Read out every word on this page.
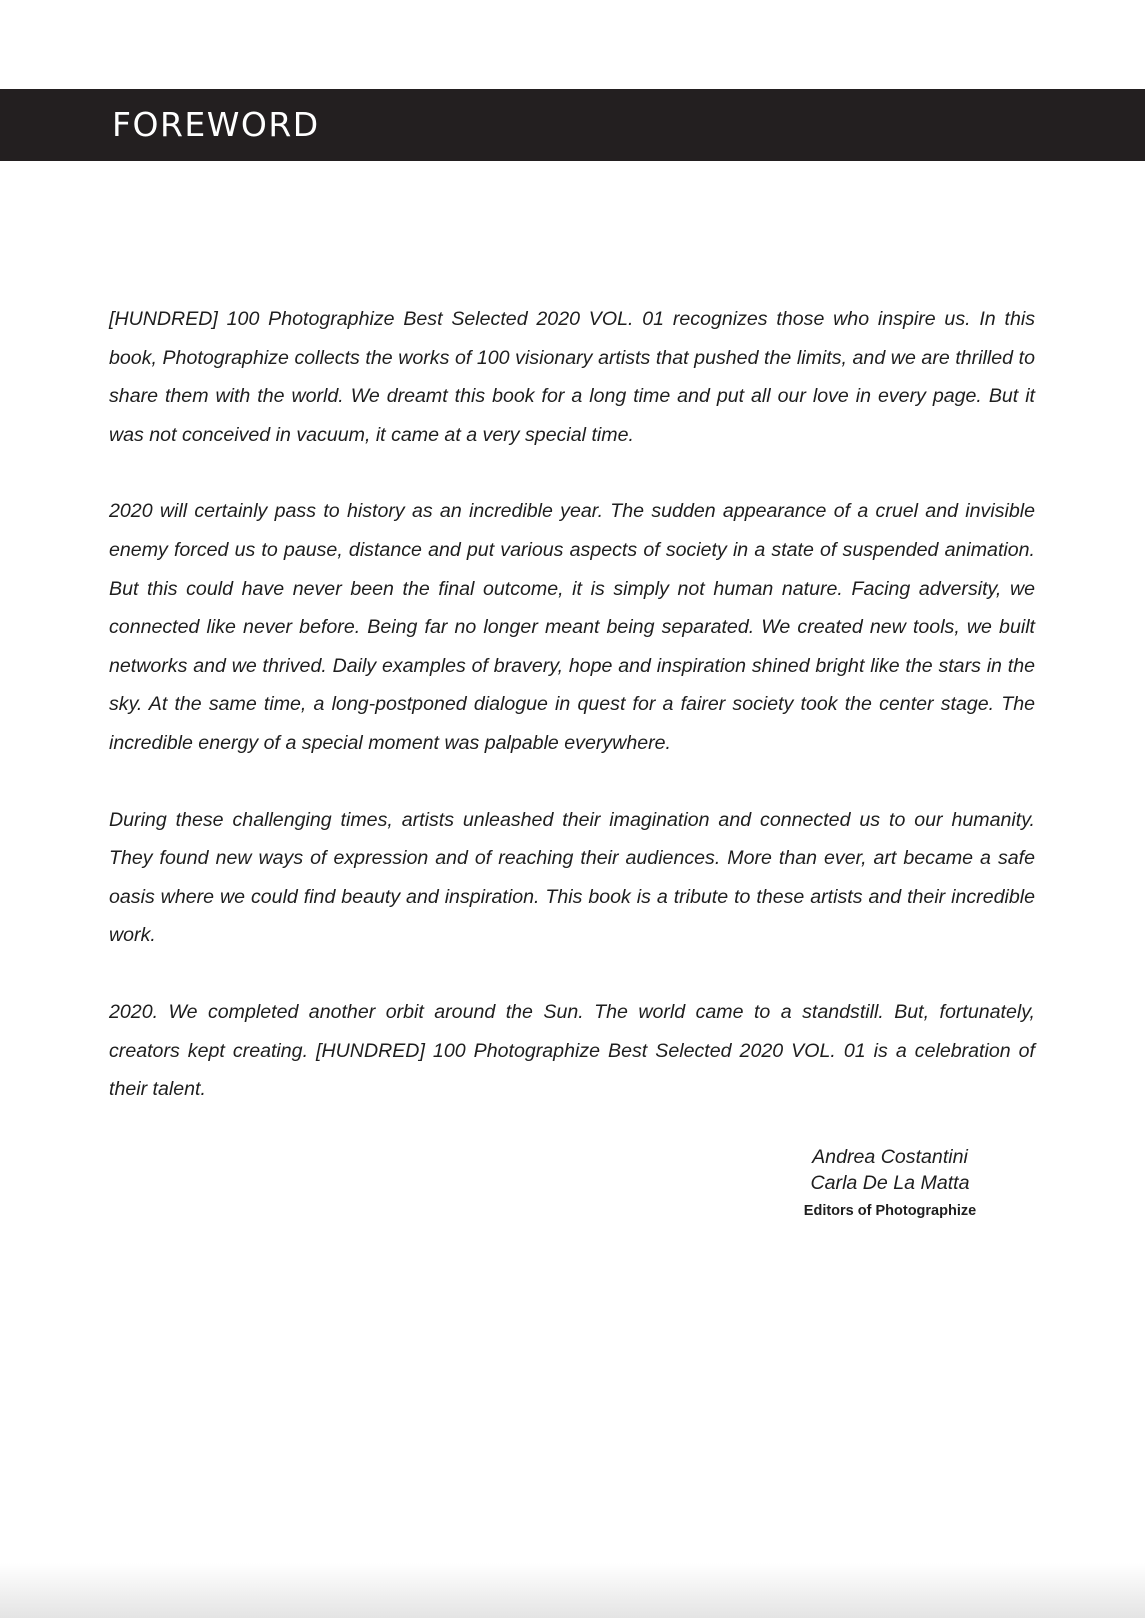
FOREWORD

[HUNDRED] 100 Photographize Best Selected 2020 VOL. 01 recognizes those who inspire us. In this book, Photographize collects the works of 100 visionary artists that pushed the limits, and we are thrilled to share them with the world. We dreamt this book for a long time and put all our love in every page. But it was not conceived in vacuum, it came at a very special time.

2020 will certainly pass to history as an incredible year. The sudden appearance of a cruel and invisible enemy forced us to pause, distance and put various aspects of society in a state of suspended animation. But this could have never been the final outcome, it is simply not human nature. Facing adversity, we connected like never before. Being far no longer meant being separated. We created new tools, we built networks and we thrived. Daily examples of bravery, hope and inspiration shined bright like the stars in the sky. At the same time, a long-postponed dialogue in quest for a fairer society took the center stage. The incredible energy of a special moment was palpable everywhere.

During these challenging times, artists unleashed their imagination and connected us to our humanity. They found new ways of expression and of reaching their audiences. More than ever, art became a safe oasis where we could find beauty and inspiration. This book is a tribute to these artists and their incredible work.

2020. We completed another orbit around the Sun. The world came to a standstill. But, fortunately, creators kept creating. [HUNDRED] 100 Photographize Best Selected 2020 VOL. 01 is a celebration of their talent.

Andrea Costantini
Carla De La Matta
Editors of Photographize
